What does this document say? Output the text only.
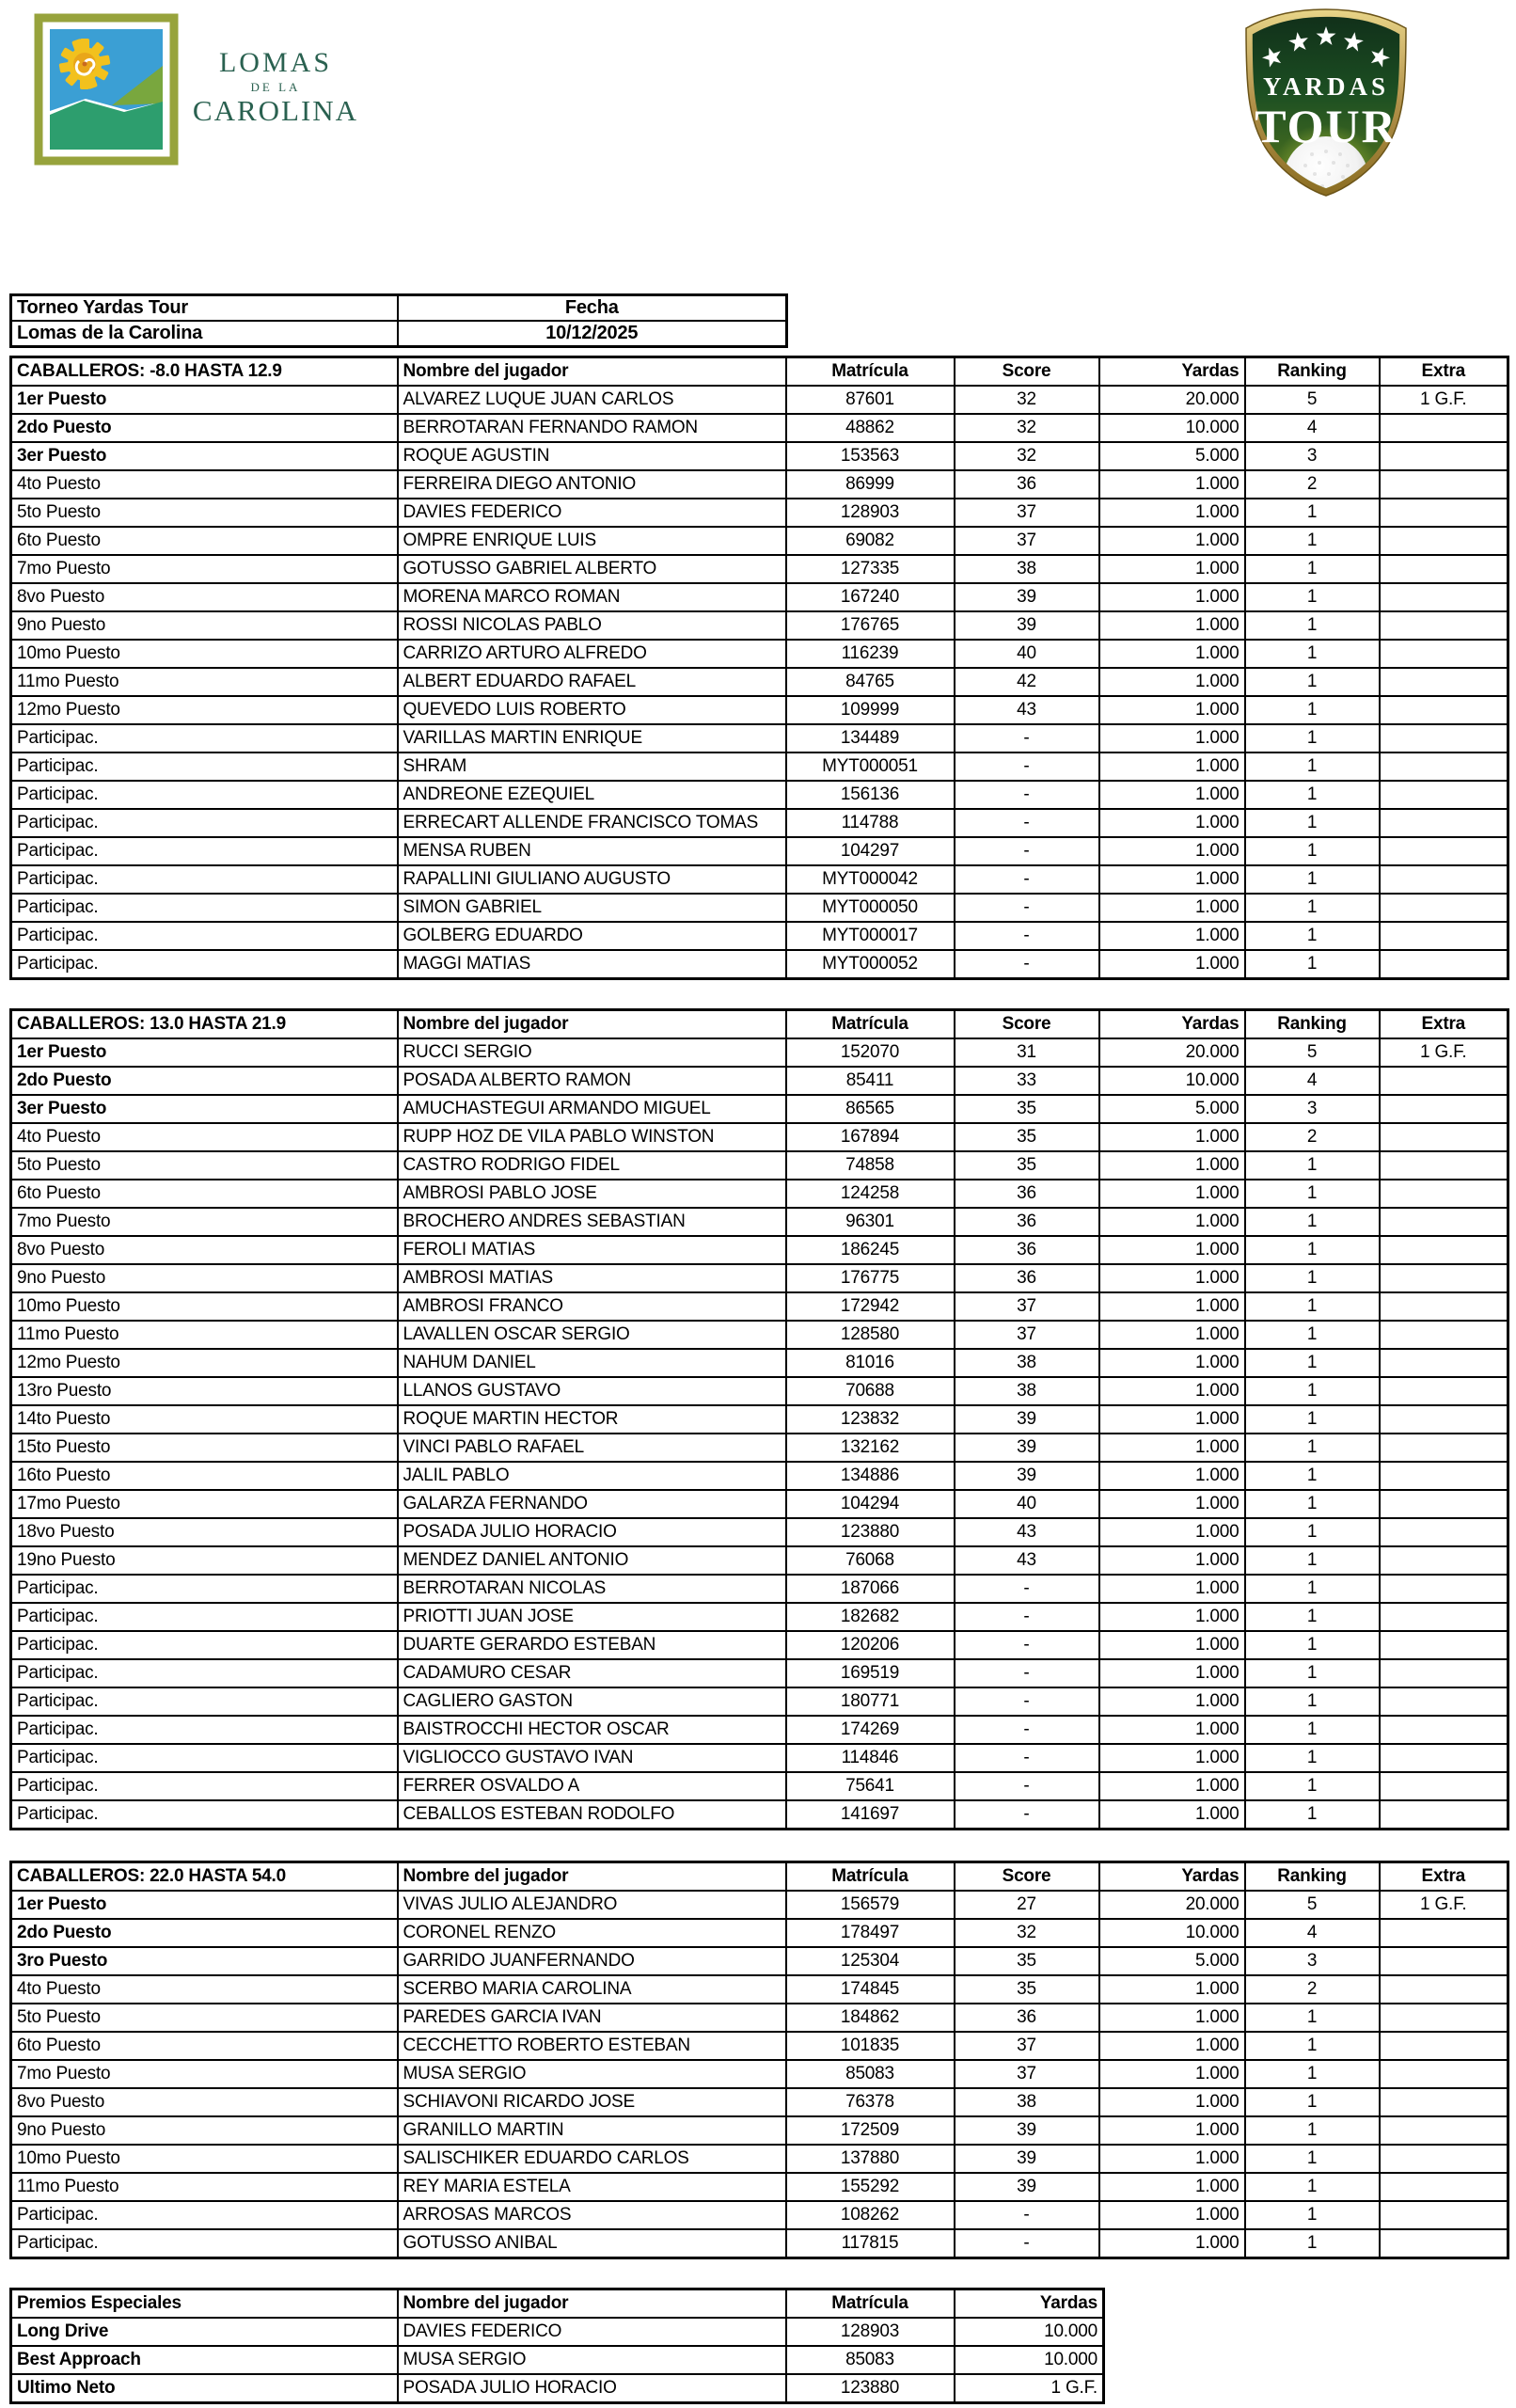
LOMAS
DE LA
CAROLINA
YARDAS
TOUR
Torneo Yardas Tour	Fecha
Lomas de la Carolina	10/12/2025
CABALLEROS: -8.0 HASTA 12.9	Nombre del jugador	Matrícula	Score	Yardas	Ranking	Extra
1er Puesto	ALVAREZ LUQUE JUAN CARLOS	87601	32	20.000	5	1 G.F.
2do Puesto	BERROTARAN FERNANDO RAMON	48862	32	10.000	4	
3er Puesto	ROQUE AGUSTIN	153563	32	5.000	3	
4to Puesto	FERREIRA DIEGO ANTONIO	86999	36	1.000	2	
5to Puesto	DAVIES FEDERICO	128903	37	1.000	1	
6to Puesto	OMPRE ENRIQUE LUIS	69082	37	1.000	1	
7mo Puesto	GOTUSSO GABRIEL ALBERTO	127335	38	1.000	1	
8vo Puesto	MORENA MARCO ROMAN	167240	39	1.000	1	
9no Puesto	ROSSI NICOLAS PABLO	176765	39	1.000	1	
10mo Puesto	CARRIZO ARTURO ALFREDO	116239	40	1.000	1	
11mo Puesto	ALBERT EDUARDO RAFAEL	84765	42	1.000	1	
12mo Puesto	QUEVEDO LUIS ROBERTO	109999	43	1.000	1	
Participac.	VARILLAS MARTIN ENRIQUE	134489	-	1.000	1	
Participac.	SHRAM	MYT000051	-	1.000	1	
Participac.	ANDREONE EZEQUIEL	156136	-	1.000	1	
Participac.	ERRECART ALLENDE FRANCISCO TOMAS	114788	-	1.000	1	
Participac.	MENSA RUBEN	104297	-	1.000	1	
Participac.	RAPALLINI GIULIANO AUGUSTO	MYT000042	-	1.000	1	
Participac.	SIMON GABRIEL	MYT000050	-	1.000	1	
Participac.	GOLBERG EDUARDO	MYT000017	-	1.000	1	
Participac.	MAGGI MATIAS	MYT000052	-	1.000	1	
CABALLEROS: 13.0 HASTA 21.9	Nombre del jugador	Matrícula	Score	Yardas	Ranking	Extra
1er Puesto	RUCCI SERGIO	152070	31	20.000	5	1 G.F.
2do Puesto	POSADA ALBERTO RAMON	85411	33	10.000	4	
3er Puesto	AMUCHASTEGUI ARMANDO MIGUEL	86565	35	5.000	3	
4to Puesto	RUPP HOZ DE VILA PABLO WINSTON	167894	35	1.000	2	
5to Puesto	CASTRO RODRIGO FIDEL	74858	35	1.000	1	
6to Puesto	AMBROSI PABLO JOSE	124258	36	1.000	1	
7mo Puesto	BROCHERO ANDRES SEBASTIAN	96301	36	1.000	1	
8vo Puesto	FEROLI MATIAS	186245	36	1.000	1	
9no Puesto	AMBROSI MATIAS	176775	36	1.000	1	
10mo Puesto	AMBROSI FRANCO	172942	37	1.000	1	
11mo Puesto	LAVALLEN OSCAR SERGIO	128580	37	1.000	1	
12mo Puesto	NAHUM DANIEL	81016	38	1.000	1	
13ro Puesto	LLANOS GUSTAVO	70688	38	1.000	1	
14to Puesto	ROQUE MARTIN HECTOR	123832	39	1.000	1	
15to Puesto	VINCI PABLO RAFAEL	132162	39	1.000	1	
16to Puesto	JALIL PABLO	134886	39	1.000	1	
17mo Puesto	GALARZA FERNANDO	104294	40	1.000	1	
18vo Puesto	POSADA JULIO HORACIO	123880	43	1.000	1	
19no Puesto	MENDEZ DANIEL ANTONIO	76068	43	1.000	1	
Participac.	BERROTARAN NICOLAS	187066	-	1.000	1	
Participac.	PRIOTTI JUAN JOSE	182682	-	1.000	1	
Participac.	DUARTE GERARDO ESTEBAN	120206	-	1.000	1	
Participac.	CADAMURO CESAR	169519	-	1.000	1	
Participac.	CAGLIERO GASTON	180771	-	1.000	1	
Participac.	BAISTROCCHI HECTOR OSCAR	174269	-	1.000	1	
Participac.	VIGLIOCCO GUSTAVO IVAN	114846	-	1.000	1	
Participac.	FERRER OSVALDO A	75641	-	1.000	1	
Participac.	CEBALLOS ESTEBAN RODOLFO	141697	-	1.000	1	
CABALLEROS: 22.0 HASTA 54.0	Nombre del jugador	Matrícula	Score	Yardas	Ranking	Extra
1er Puesto	VIVAS JULIO ALEJANDRO	156579	27	20.000	5	1 G.F.
2do Puesto	CORONEL RENZO	178497	32	10.000	4	
3ro Puesto	GARRIDO JUANFERNANDO	125304	35	5.000	3	
4to Puesto	SCERBO MARIA CAROLINA	174845	35	1.000	2	
5to Puesto	PAREDES GARCIA IVAN	184862	36	1.000	1	
6to Puesto	CECCHETTO ROBERTO ESTEBAN	101835	37	1.000	1	
7mo Puesto	MUSA SERGIO	85083	37	1.000	1	
8vo Puesto	SCHIAVONI RICARDO JOSE	76378	38	1.000	1	
9no Puesto	GRANILLO MARTIN	172509	39	1.000	1	
10mo Puesto	SALISCHIKER EDUARDO CARLOS	137880	39	1.000	1	
11mo Puesto	REY MARIA ESTELA	155292	39	1.000	1	
Participac.	ARROSAS MARCOS	108262	-	1.000	1	
Participac.	GOTUSSO ANIBAL	117815	-	1.000	1	
Premios Especiales	Nombre del jugador	Matrícula	Yardas
Long Drive	DAVIES FEDERICO	128903	10.000
Best Approach	MUSA SERGIO	85083	10.000
Ultimo Neto	POSADA JULIO HORACIO	123880	1 G.F.
